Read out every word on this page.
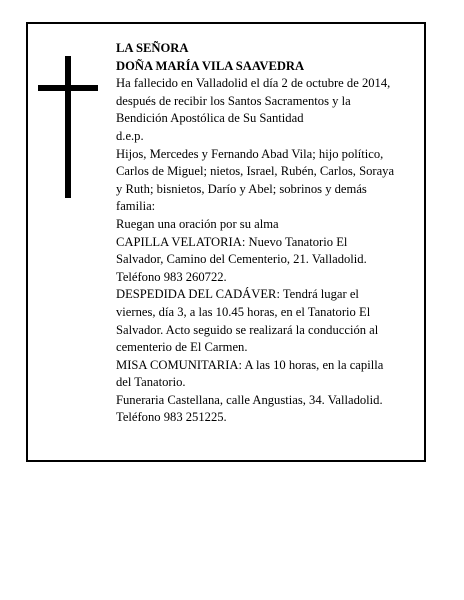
LA SEÑORA
DOÑA MARÍA VILA SAAVEDRA
Ha fallecido en Valladolid el día 2 de octubre de 2014,
después de recibir los Santos Sacramentos y la
Bendición Apostólica de Su Santidad
d.e.p.
Hijos, Mercedes y Fernando Abad Vila; hijo político,
Carlos de Miguel; nietos, Israel, Rubén, Carlos, Soraya
y Ruth; bisnietos, Darío y Abel; sobrinos y demás
familia:
Ruegan una oración por su alma
CAPILLA VELATORIA: Nuevo Tanatorio El
Salvador, Camino del Cementerio, 21. Valladolid.
Teléfono 983 260722.
DESPEDIDA DEL CADÁVER: Tendrá lugar el
viernes, día 3, a las 10.45 horas, en el Tanatorio El
Salvador. Acto seguido se realizará la conducción al
cementerio de El Carmen.
MISA COMUNITARIA: A las 10 horas, en la capilla
del Tanatorio.
Funeraria Castellana, calle Angustias, 34. Valladolid.
Teléfono 983 251225.
